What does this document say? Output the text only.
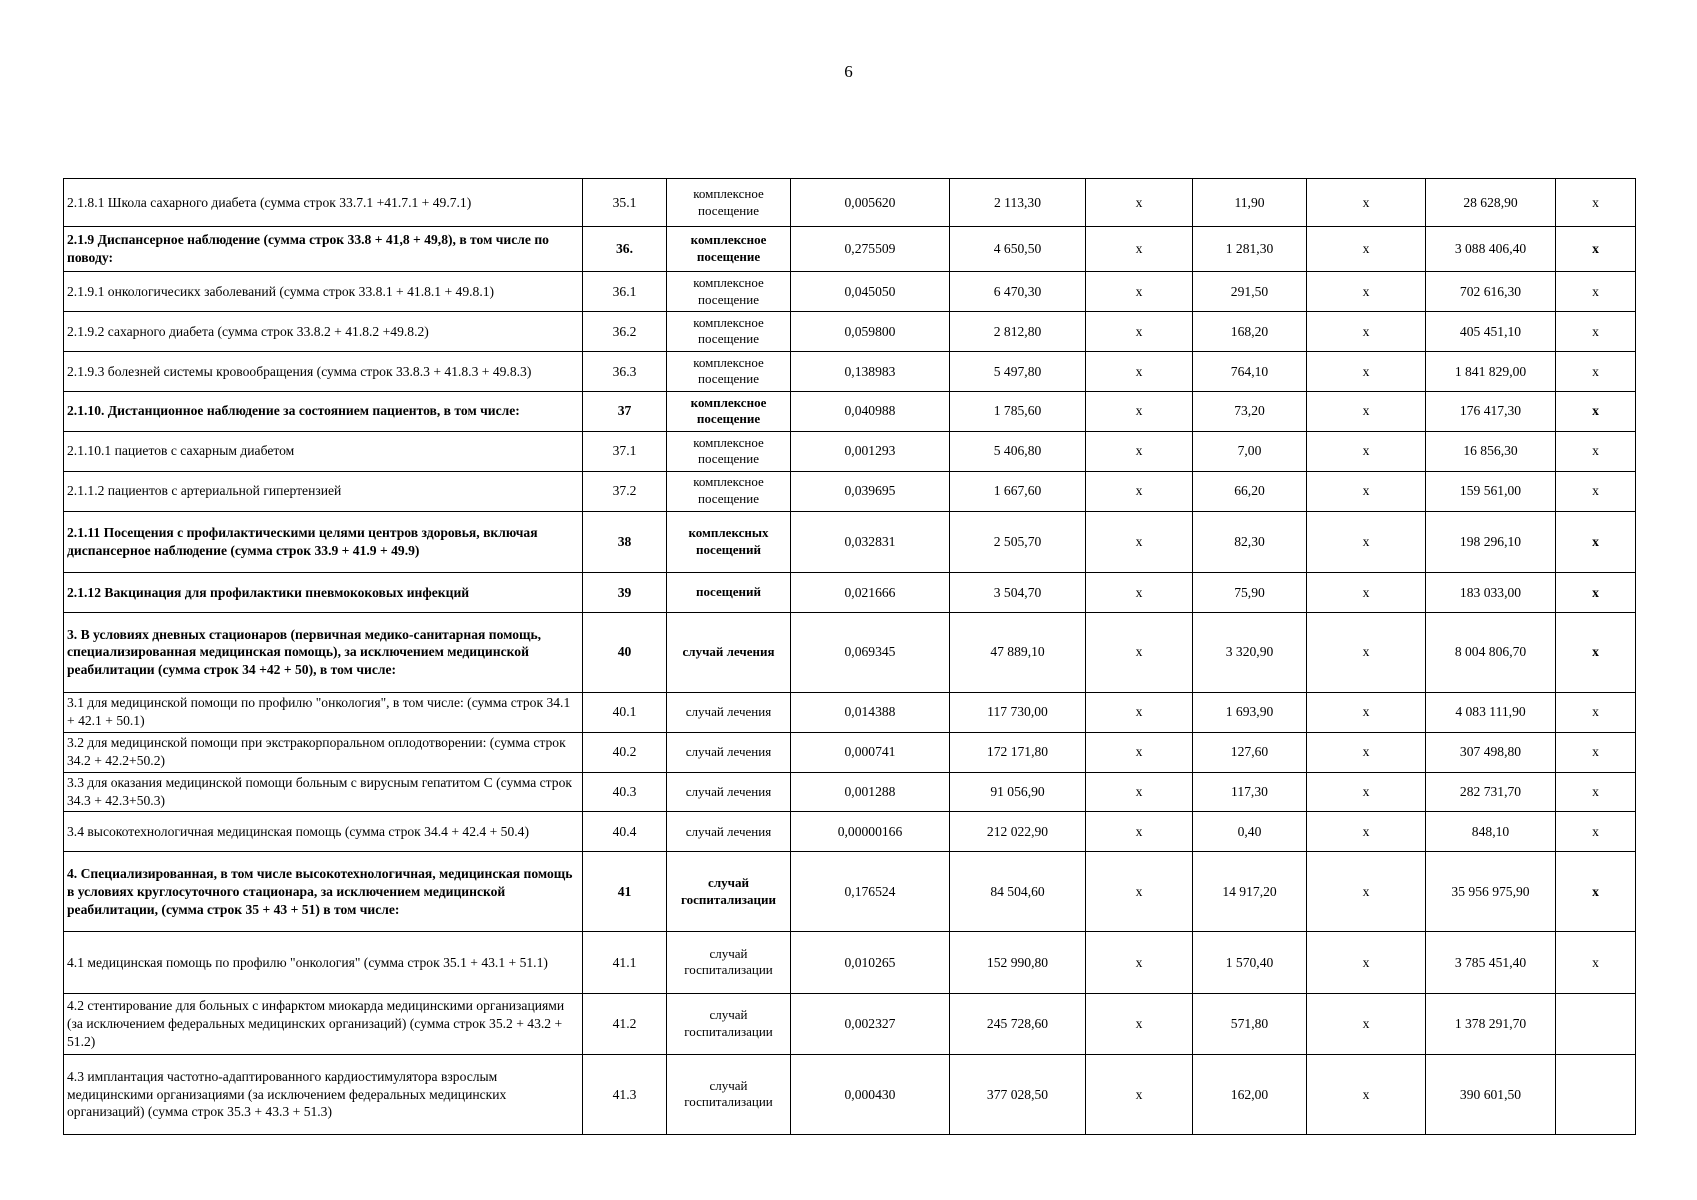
6
2.1.8.1 Школа сахарного диабета (сумма строк 33.7.1 +41.7.1 + 49.7.1)	35.1	комплексное посещение	0,005620	2 113,30	х	11,90	х	28 628,90	х
2.1.9 Диспансерное наблюдение (сумма строк 33.8 + 41,8 + 49,8), в том числе по поводу:	36.	комплексное посещение	0,275509	4 650,50	х	1 281,30	х	3 088 406,40	х
2.1.9.1 онкологичесикх заболеваний (сумма строк 33.8.1 + 41.8.1 + 49.8.1)	36.1	комплексное посещение	0,045050	6 470,30	х	291,50	х	702 616,30	х
2.1.9.2 сахарного диабета (сумма строк 33.8.2 + 41.8.2 +49.8.2)	36.2	комплексное посещение	0,059800	2 812,80	х	168,20	х	405 451,10	х
2.1.9.3 болезней системы кровообращения (сумма строк 33.8.3 + 41.8.3 + 49.8.3)	36.3	комплексное посещение	0,138983	5 497,80	х	764,10	х	1 841 829,00	х
2.1.10. Дистанционное наблюдение за состоянием пациентов, в том числе:	37	комплексное посещение	0,040988	1 785,60	х	73,20	х	176 417,30	х
2.1.10.1 пациетов с сахарным диабетом	37.1	комплексное посещение	0,001293	5 406,80	х	7,00	х	16 856,30	х
2.1.1.2 пациентов с артериальной гипертензией	37.2	комплексное посещение	0,039695	1 667,60	х	66,20	х	159 561,00	х
2.1.11 Посещения с профилактическими целями центров здоровья, включая диспансерное наблюдение (сумма строк 33.9 + 41.9 + 49.9)	38	комплексных посещений	0,032831	2 505,70	х	82,30	х	198 296,10	х
2.1.12 Вакцинация для профилактики пневмококовых инфекций	39	посещений	0,021666	3 504,70	х	75,90	х	183 033,00	х
3. В условиях дневных стационаров (первичная медико-санитарная помощь, специализированная медицинская помощь), за исключением медицинской реабилитации (сумма строк 34 +42 + 50), в том числе:	40	случай лечения	0,069345	47 889,10	х	3 320,90	х	8 004 806,70	х
3.1 для медицинской помощи по профилю "онкология", в том числе: (сумма строк 34.1 + 42.1 + 50.1)	40.1	случай лечения	0,014388	117 730,00	х	1 693,90	х	4 083 111,90	х
3.2 для медицинской помощи при экстракорпоральном оплодотворении: (сумма строк 34.2 + 42.2+50.2)	40.2	случай лечения	0,000741	172 171,80	х	127,60	х	307 498,80	х
3.3 для оказания медицинской помощи больным с вирусным гепатитом С (сумма строк 34.3 + 42.3+50.3)	40.3	случай лечения	0,001288	91 056,90	х	117,30	х	282 731,70	х
3.4 высокотехнологичная медицинская помощь (сумма строк 34.4 + 42.4 + 50.4)	40.4	случай лечения	0,00000166	212 022,90	х	0,40	х	848,10	х
4. Специализированная, в том числе высокотехнологичная, медицинская помощь в условиях круглосуточного стационара, за исключением медицинской реабилитации, (сумма строк 35 + 43 + 51) в том числе:	41	случай госпитализации	0,176524	84 504,60	х	14 917,20	х	35 956 975,90	х
4.1 медицинская помощь по профилю "онкология" (сумма строк 35.1 + 43.1 + 51.1)	41.1	случай госпитализации	0,010265	152 990,80	х	1 570,40	х	3 785 451,40	х
4.2 стентирование для больных с инфарктом миокарда медицинскими организациями (за исключением федеральных медицинских организаций) (сумма строк 35.2 + 43.2 + 51.2)	41.2	случай госпитализации	0,002327	245 728,60	х	571,80	х	1 378 291,70	
4.3 имплантация частотно-адаптированного кардиостимулятора взрослым медицинскими организациями (за исключением федеральных медицинских организаций) (сумма строк 35.3 + 43.3 + 51.3)	41.3	случай госпитализации	0,000430	377 028,50	х	162,00	х	390 601,50	
